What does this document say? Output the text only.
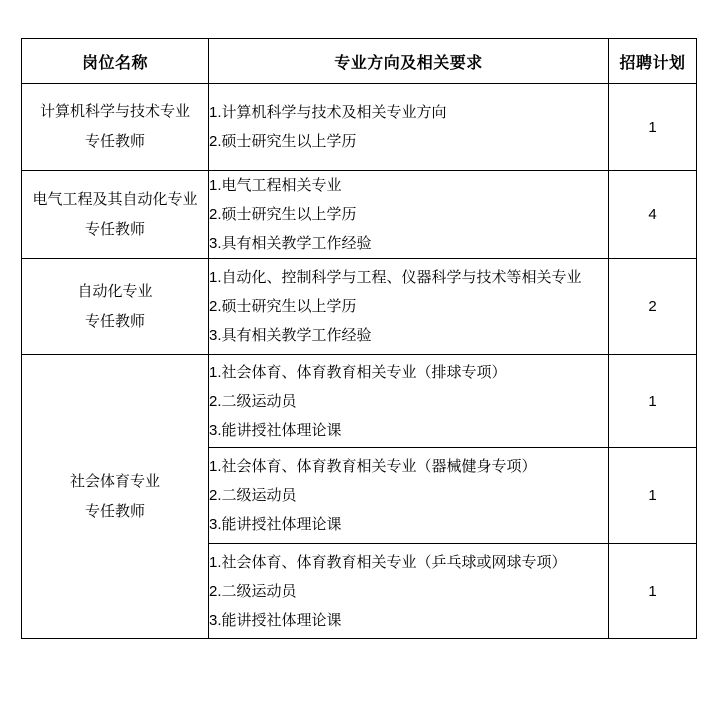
岗位名称	专业方向及相关要求	招聘计划

计算机科学与技术专业
专任教师

1.计算机科学与技术及相关专业方向
2.硕士研究生以上学历
	1

电气工程及其自动化专业
专任教师

1.电气工程相关专业
2.硕士研究生以上学历
3.具有相关教学工作经验
	4

自动化专业
专任教师

1.自动化、控制科学与工程、仪器科学与技术等相关专业
2.硕士研究生以上学历
3.具有相关教学工作经验
	2

社会体育专业
专任教师

1.社会体育、体育教育相关专业（排球专项）
2.二级运动员
3.能讲授社体理论课
	1

	1.社会体育、体育教育相关专业（器械健身专项）
2.二级运动员
3.能讲授社体理论课	1

	1.社会体育、体育教育相关专业（乒乓球或网球专项）
2.二级运动员
3.能讲授社体理论课	1
